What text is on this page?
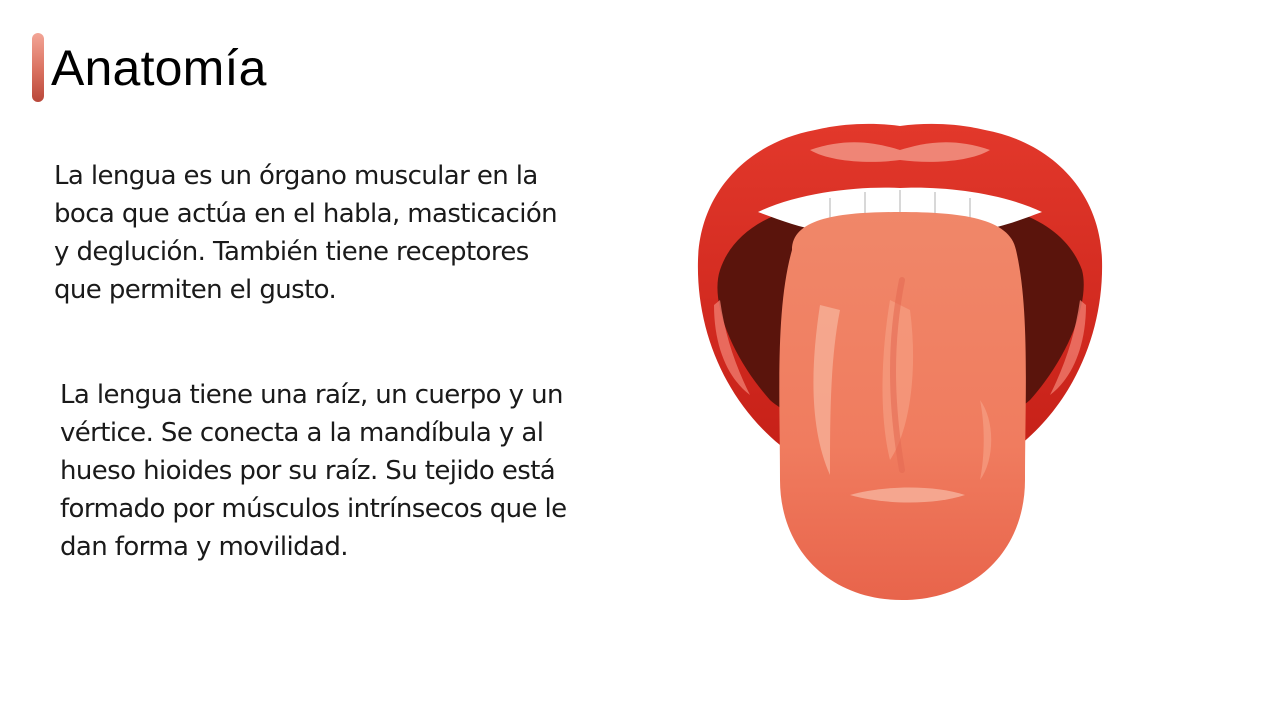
Anatomía

La lengua es un órgano muscular en la boca que actúa en el habla, masticación y deglución. También tiene receptores que permiten el gusto.

La lengua tiene una raíz, un cuerpo y un vértice. Se conecta a la mandíbula y al hueso hioides por su raíz. Su tejido está formado por músculos intrínsecos que le dan forma y movilidad.
